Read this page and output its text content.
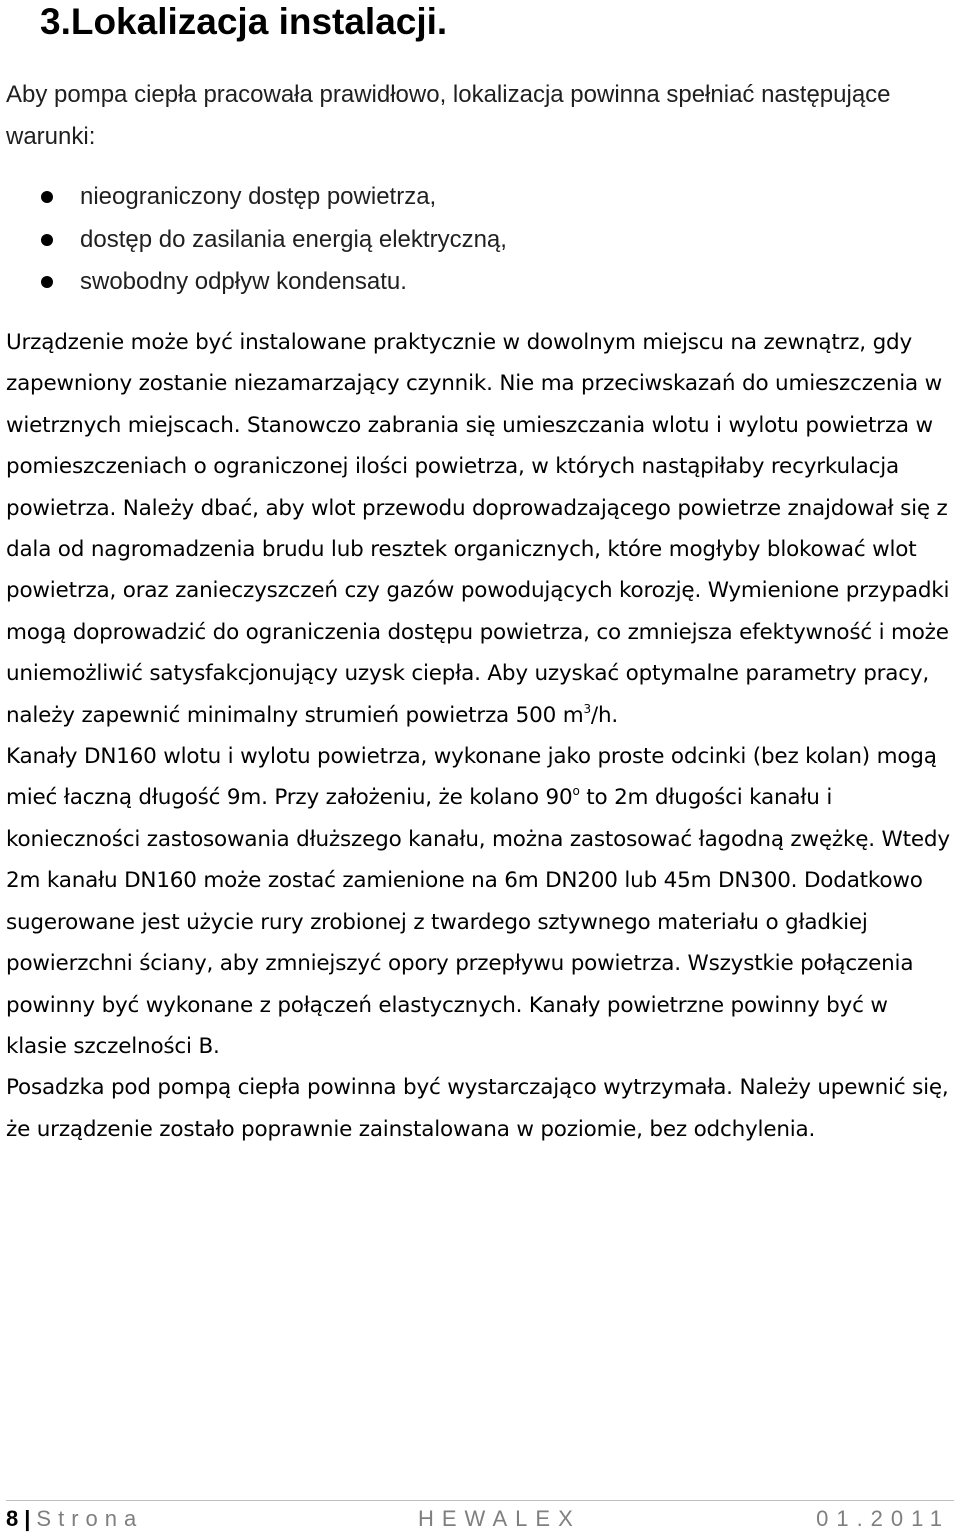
3.Lokalizacja instalacji.

Aby pompa ciepła pracowała prawidłowo, lokalizacja powinna spełniać następujące warunki:

nieograniczony dostęp powietrza,
dostęp do zasilania energią elektryczną,
swobodny odpływ kondensatu.

Urządzenie może być instalowane praktycznie w dowolnym miejscu na zewnątrz, gdy zapewniony zostanie niezamarzający czynnik. Nie ma przeciwskazań do umieszczenia w wietrznych miejscach. Stanowczo zabrania się umieszczania wlotu i wylotu powietrza w pomieszczeniach o ograniczonej ilości powietrza, w których nastąpiłaby recyrkulacja powietrza. Należy dbać, aby wlot przewodu doprowadzającego powietrze znajdował się z dala od nagromadzenia brudu lub resztek organicznych, które mogłyby blokować wlot powietrza, oraz zanieczyszczeń czy gazów powodujących korozję. Wymienione przypadki mogą doprowadzić do ograniczenia dostępu powietrza, co zmniejsza efektywność i może uniemożliwić satysfakcjonujący uzysk ciepła. Aby uzyskać optymalne parametry pracy, należy zapewnić minimalny strumień powietrza 500 $m^3/h$.

Kanały DN160 wlotu i wylotu powietrza, wykonane jako proste odcinki (bez kolan) mogą mieć łaczną długość 9m. Przy założeniu, że kolano 90$^o$ to 2m długości kanału i konieczności zastosowania dłuższego kanału, można zastosować łagodną zwężkę. Wtedy 2m kanału DN160 może zostać zamienione na 6m DN200 lub 45m DN300. Dodatkowo sugerowane jest użycie rury zrobionej z twardego sztywnego materiału o gładkiej powierzchni ściany, aby zmniejszyć opory przepływu powietrza. Wszystkie połączenia powinny być wykonane z połączeń elastycznych. Kanały powietrzne powinny być w klasie szczelności B.

Posadzka pod pompą ciepła powinna być wystarczająco wytrzymała. Należy upewnić się, że urządzenie zostało poprawnie zainstalowana w poziomie, bez odchylenia.

8 | Strona	HEWALEX	01.2011
